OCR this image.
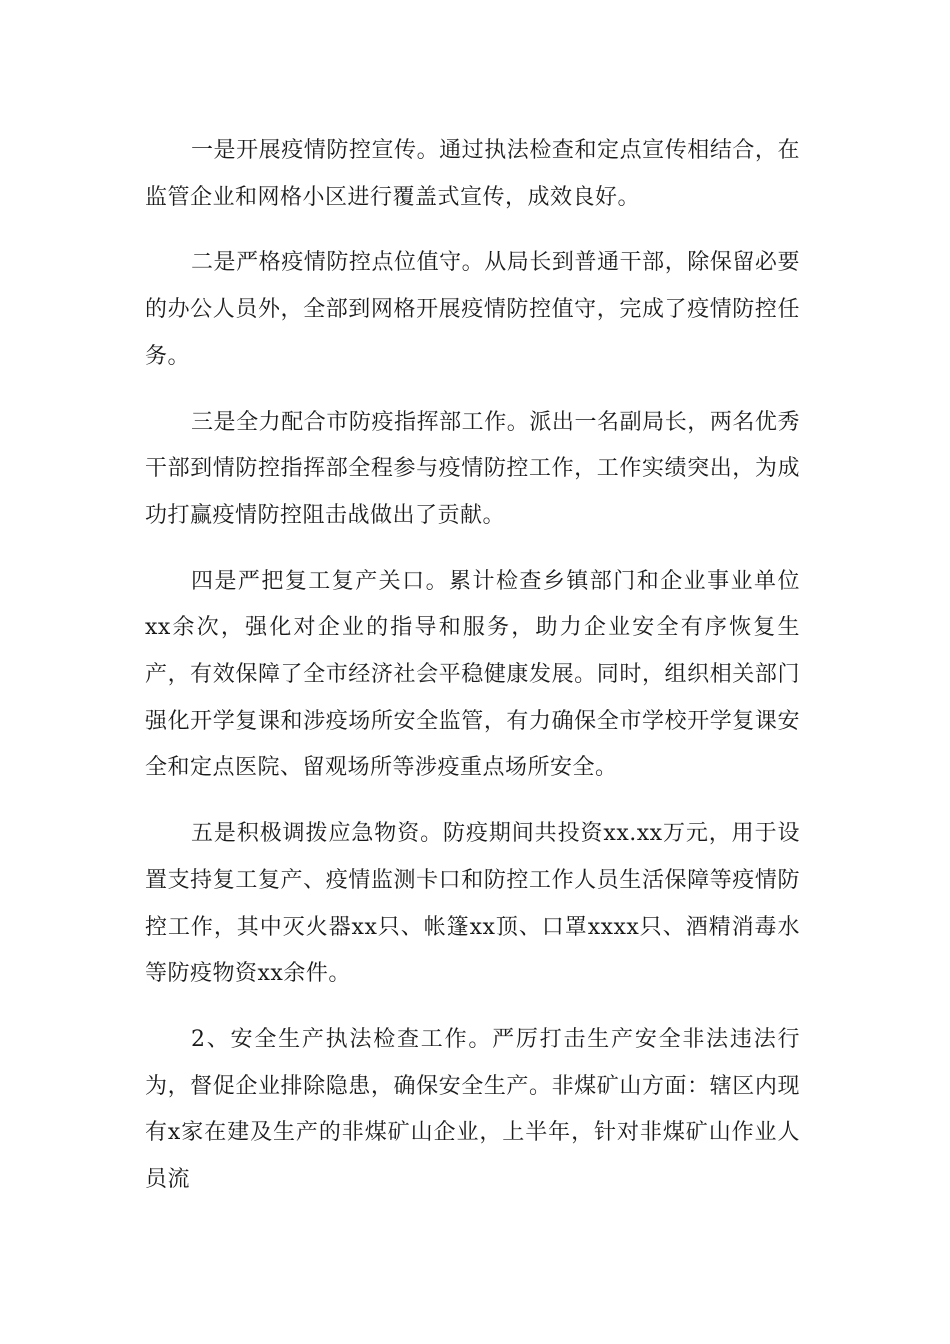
一是开展疫情防控宣传。通过执法检查和定点宣传相结合，在监管企业和网格小区进行覆盖式宣传，成效良好。

二是严格疫情防控点位值守。从局长到普通干部，除保留必要的办公人员外，全部到网格开展疫情防控值守，完成了疫情防控任务。

三是全力配合市防疫指挥部工作。派出一名副局长，两名优秀干部到情防控指挥部全程参与疫情防控工作，工作实绩突出，为成功打赢疫情防控阻击战做出了贡献。

四是严把复工复产关口。累计检查乡镇部门和企业事业单位xx余次，强化对企业的指导和服务，助力企业安全有序恢复生产，有效保障了全市经济社会平稳健康发展。同时，组织相关部门强化开学复课和涉疫场所安全监管，有力确保全市学校开学复课安全和定点医院、留观场所等涉疫重点场所安全。

五是积极调拨应急物资。防疫期间共投资xx.xx万元，用于设置支持复工复产、疫情监测卡口和防控工作人员生活保障等疫情防控工作，其中灭火器xx只、帐篷xx顶、口罩xxxx只、酒精消毒水等防疫物资xx余件。

2、安全生产执法检查工作。严厉打击生产安全非法违法行为，督促企业排除隐患，确保安全生产。非煤矿山方面：辖区内现有x家在建及生产的非煤矿山企业，上半年，针对非煤矿山作业人员流
